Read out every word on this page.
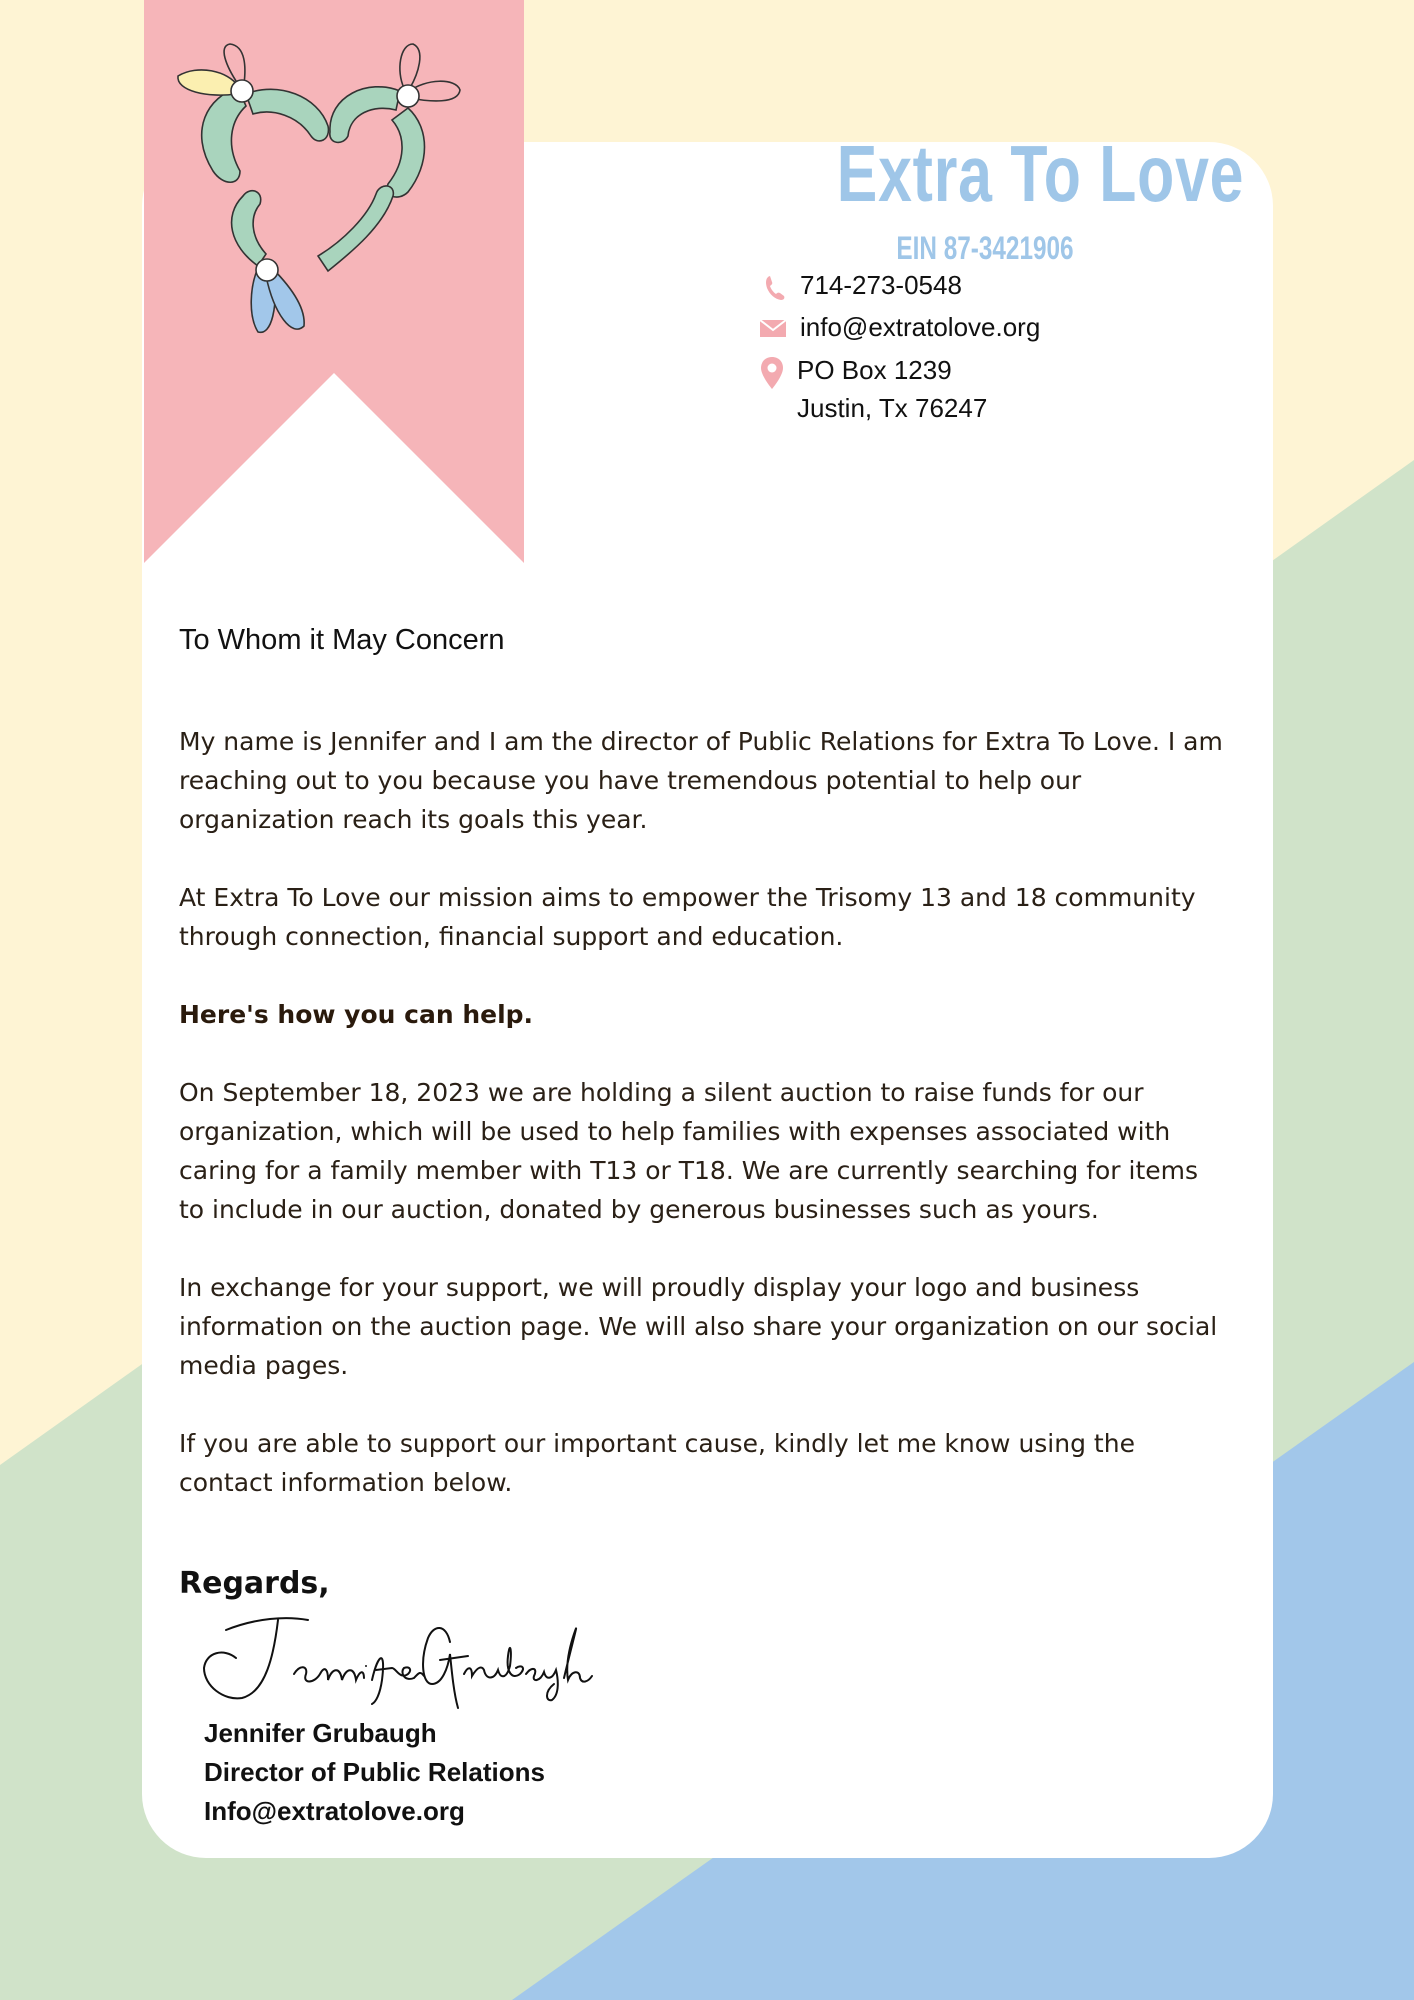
Extra To Love
EIN 87-3421906
714-273-0548
info@extratolove.org
PO Box 1239
Justin, Tx 76247
To Whom it May Concern

My name is Jennifer and I am the director of Public Relations for Extra To Love. I am reaching out to you because you have tremendous potential to help our organization reach its goals this year.

At Extra To Love our mission aims to empower the Trisomy 13 and 18 community through connection, financial support and education.

Here's how you can help.

On September 18, 2023 we are holding a silent auction to raise funds for our organization, which will be used to help families with expenses associated with caring for a family member with T13 or T18. We are currently searching for items to include in our auction, donated by generous businesses such as yours.

In exchange for your support, we will proudly display your logo and business information on the auction page. We will also share your organization on our social media pages.

If you are able to support our important cause, kindly let me know using the contact information below.

Regards,
Jennifer Grubaugh
Director of Public Relations
Info@extratolove.org
